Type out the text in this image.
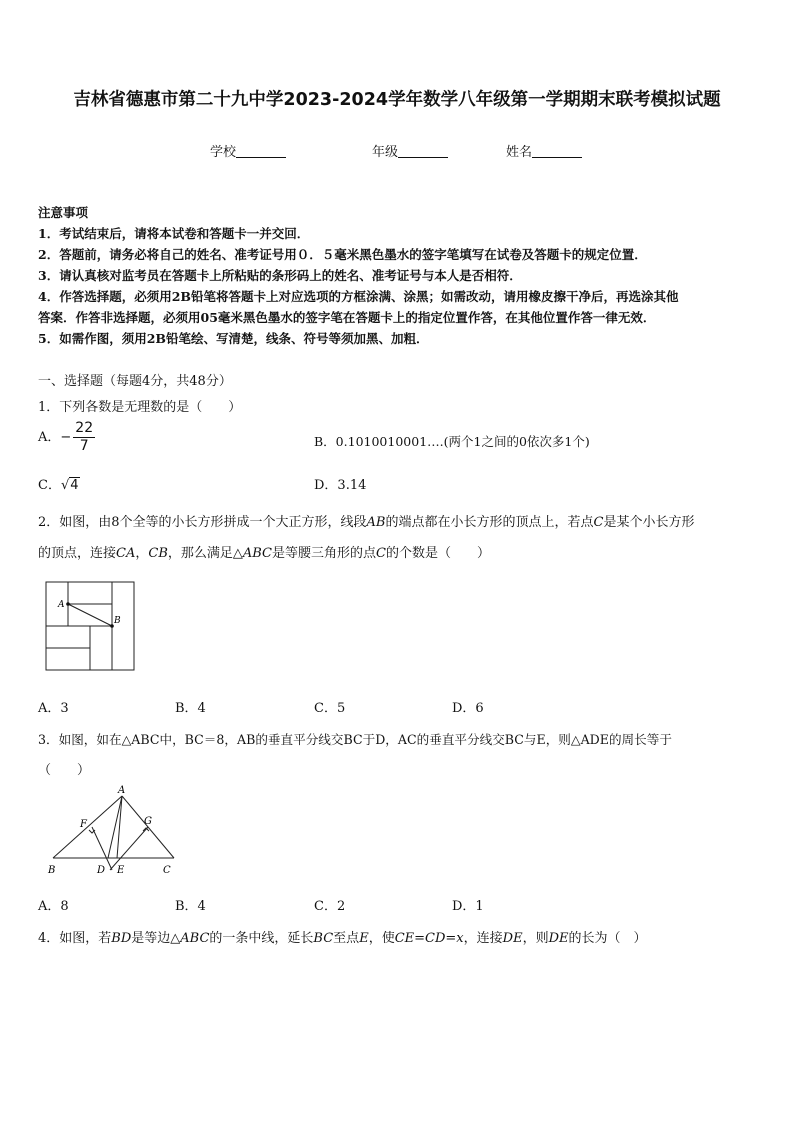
吉林省德惠市第二十九中学2023-2024学年数学八年级第一学期期末联考模拟试题
学校	年级	姓名
注意事项
1．考试结束后，请将本试卷和答题卡一并交回．
2．答题前，请务必将自己的姓名、准考证号用０．５毫米黑色墨水的签字笔填写在试卷及答题卡的规定位置．
3．请认真核对监考员在答题卡上所粘贴的条形码上的姓名、准考证号与本人是否相符．
4．作答选择题，必须用2B铅笔将答题卡上对应选项的方框涂满、涂黑；如需改动，请用橡皮擦干净后，再选涂其他
答案．作答非选择题，必须用05毫米黑色墨水的签字笔在答题卡上的指定位置作答，在其他位置作答一律无效．
5．如需作图，须用2B铅笔绘、写清楚，线条、符号等须加黑、加粗．
一、选择题（每题4分，共48分）
1．下列各数是无理数的是（　　）
A．− $\frac{22}{7}$	B．0.1010010001….(两个1之间的0依次多1个)
C．√4	D．3.14
2．如图，由8个全等的小长方形拼成一个大正方形，线段AB的端点都在小长方形的顶点上，若点C是某个小长方形
的顶点，连接CA，CB，那么满足△ABC是等腰三角形的点C的个数是（　　）
A
B
A．3	B．4	C．5	D．6
3．如图，如在△ABC中，BC＝8，AB的垂直平分线交BC于D，AC的垂直平分线交BC与E，则△ADE的周长等于
（　　）
A
F	G
B	D E	C
A．8	B．4	C．2	D．1
4．如图，若BD是等边△ABC的一条中线，延长BC至点E，使CE=CD=x，连接DE，则DE的长为（　）
